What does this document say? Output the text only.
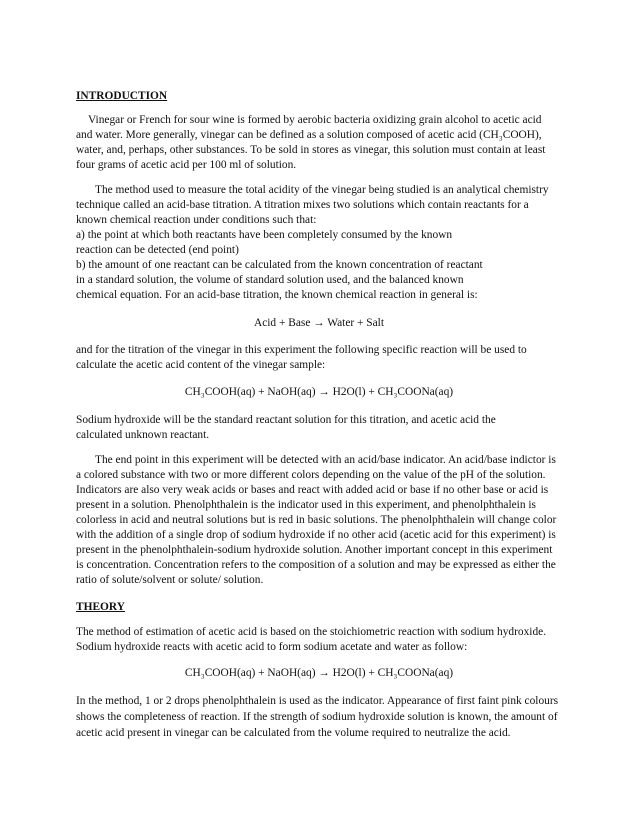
INTRODUCTION
Vinegar or French for sour wine is formed by aerobic bacteria oxidizing grain alcohol to acetic acid
and water. More generally, vinegar can be defined as a solution composed of acetic acid (CH₃COOH),
water, and, perhaps, other substances. To be sold in stores as vinegar, this solution must contain at least
four grams of acetic acid per 100 ml of solution.
The method used to measure the total acidity of the vinegar being studied is an analytical chemistry
technique called an acid-base titration. A titration mixes two solutions which contain reactants for a
known chemical reaction under conditions such that:
a) the point at which both reactants have been completely consumed by the known
reaction can be detected (end point)
b) the amount of one reactant can be calculated from the known concentration of reactant
in a standard solution, the volume of standard solution used, and the balanced known
chemical equation. For an acid-base titration, the known chemical reaction in general is:
Acid + Base → Water + Salt
and for the titration of the vinegar in this experiment the following specific reaction will be used to
calculate the acetic acid content of the vinegar sample:
CH₃COOH(aq) + NaOH(aq) → H2O(l) + CH₃COONa(aq)
Sodium hydroxide will be the standard reactant solution for this titration, and acetic acid the
calculated unknown reactant.
The end point in this experiment will be detected with an acid/base indicator. An acid/base indictor is
a colored substance with two or more different colors depending on the value of the pH of the solution.
Indicators are also very weak acids or bases and react with added acid or base if no other base or acid is
present in a solution. Phenolphthalein is the indicator used in this experiment, and phenolphthalein is
colorless in acid and neutral solutions but is red in basic solutions. The phenolphthalein will change color
with the addition of a single drop of sodium hydroxide if no other acid (acetic acid for this experiment) is
present in the phenolphthalein-sodium hydroxide solution. Another important concept in this experiment
is concentration. Concentration refers to the composition of a solution and may be expressed as either the
ratio of solute/solvent or solute/ solution.
THEORY
The method of estimation of acetic acid is based on the stoichiometric reaction with sodium hydroxide.
Sodium hydroxide reacts with acetic acid to form sodium acetate and water as follow:
CH₃COOH(aq) + NaOH(aq) → H2O(l) + CH₃COONa(aq)
In the method, 1 or 2 drops phenolphthalein is used as the indicator. Appearance of first faint pink colours
shows the completeness of reaction. If the strength of sodium hydroxide solution is known, the amount of
acetic acid present in vinegar can be calculated from the volume required to neutralize the acid.
